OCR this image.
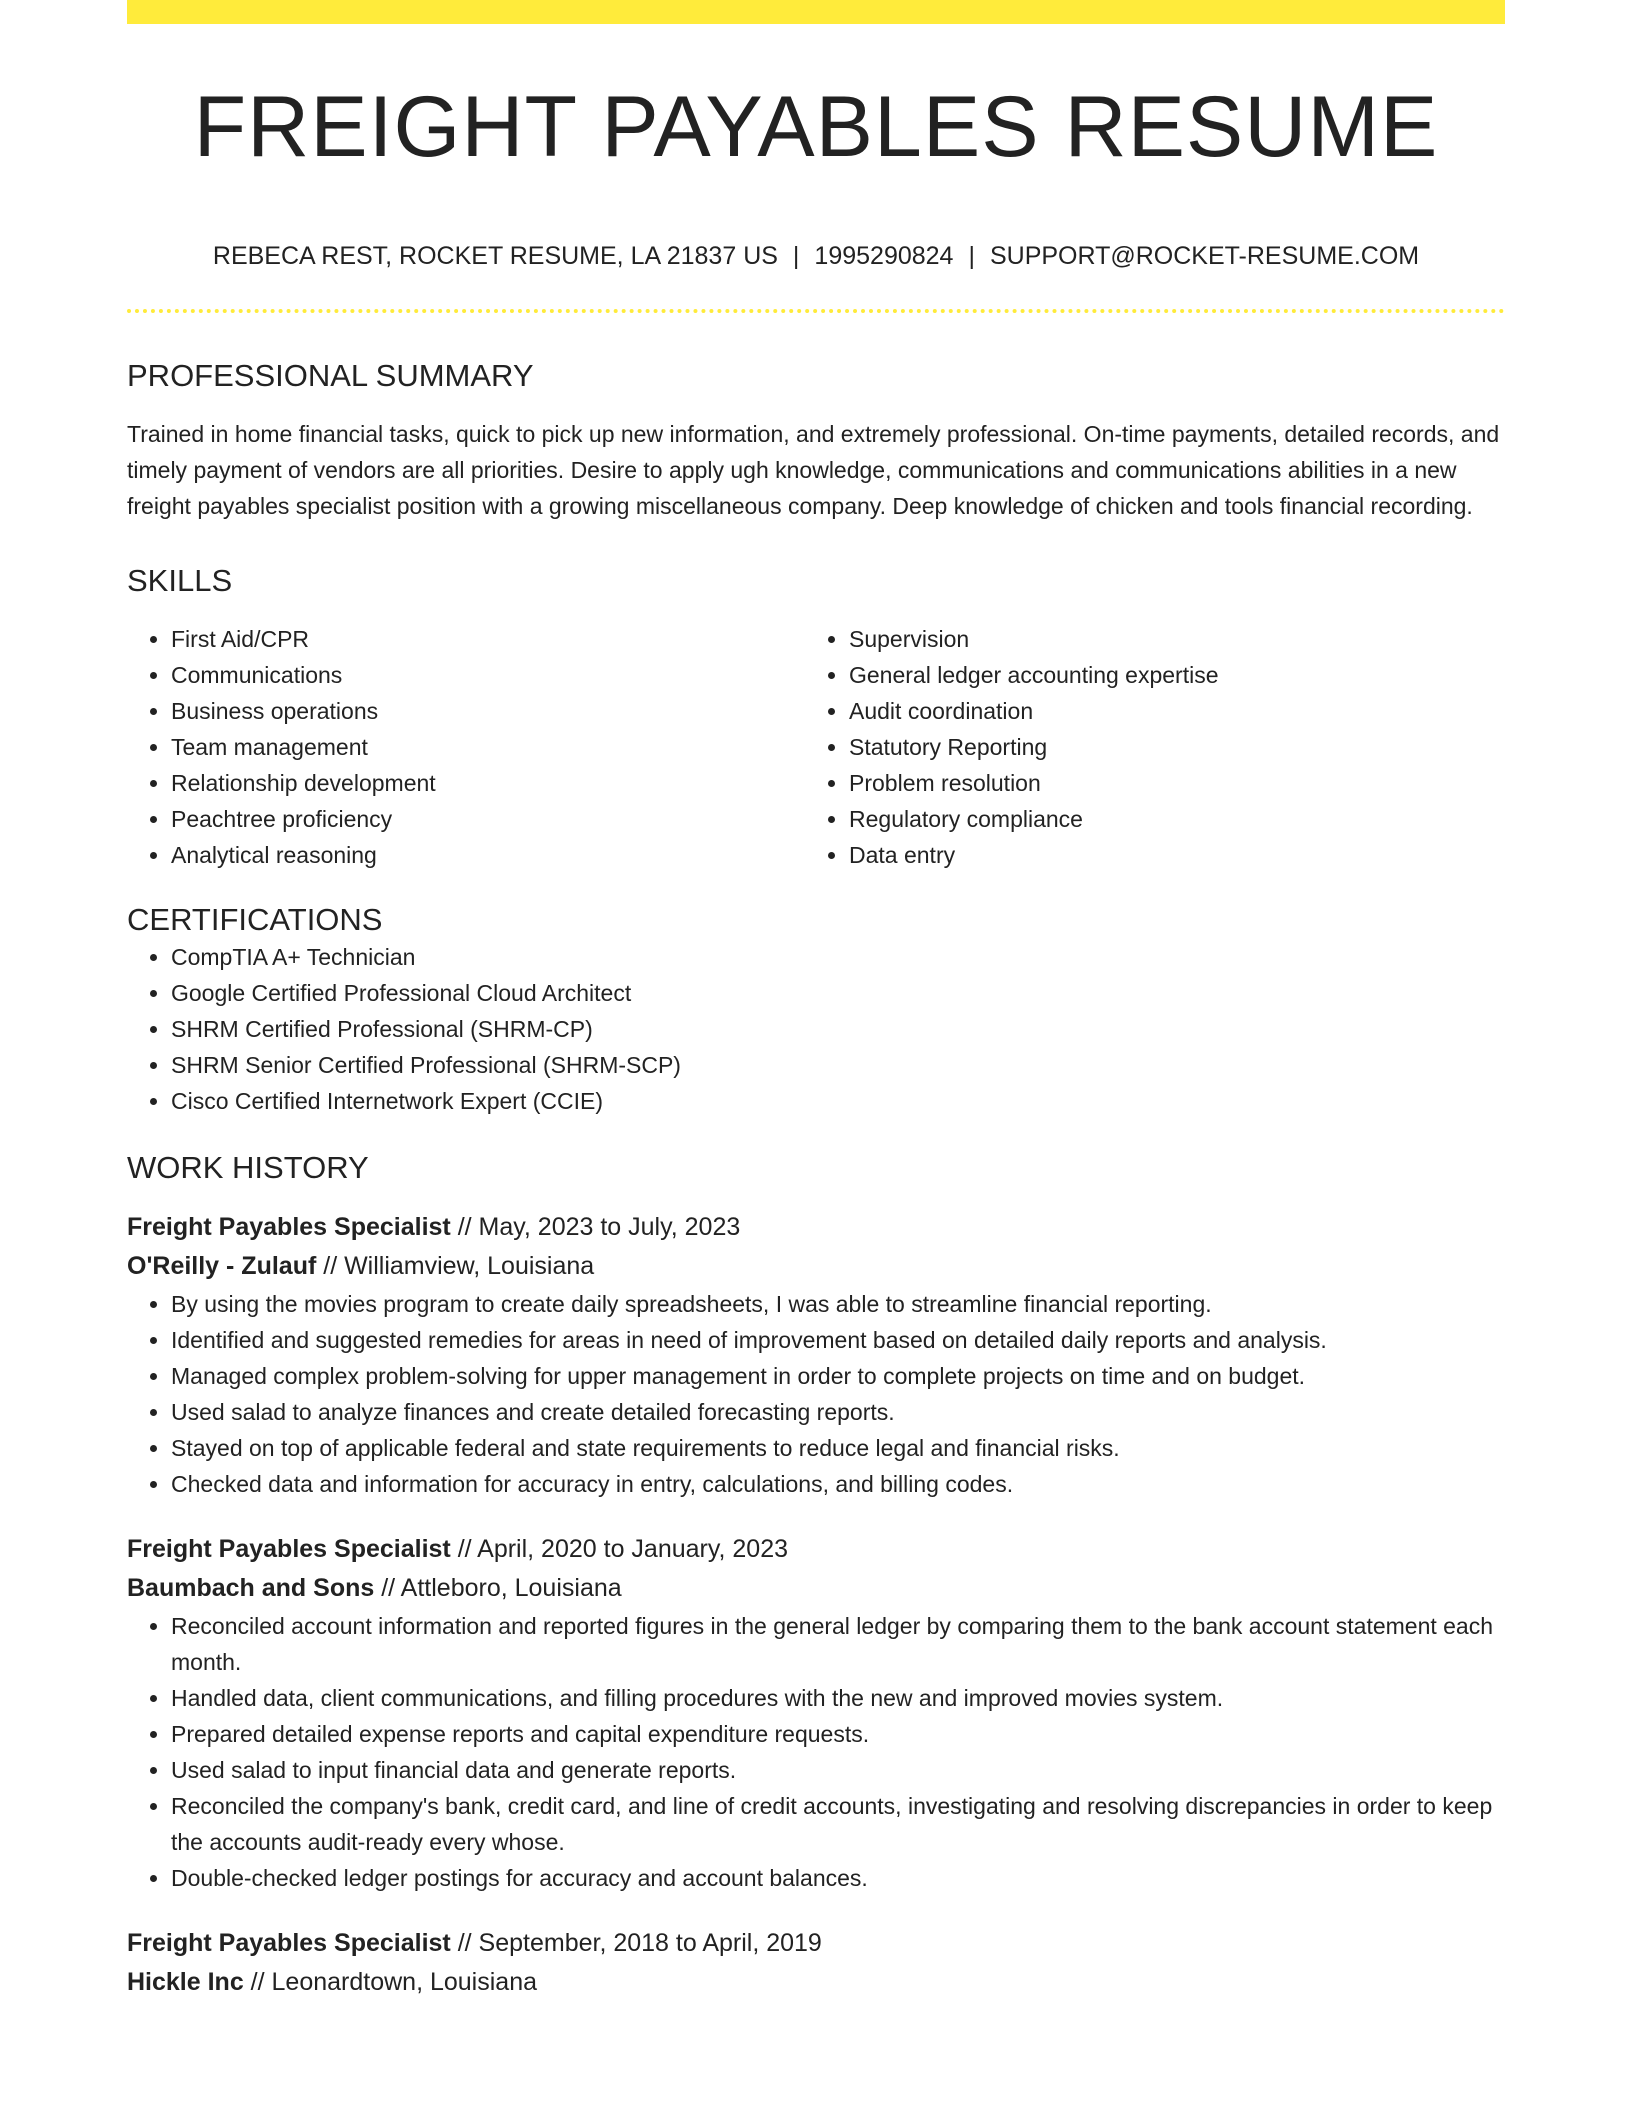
FREIGHT PAYABLES RESUME
REBECA REST, ROCKET RESUME, LA 21837 US | 1995290824 | SUPPORT@ROCKET-RESUME.COM
PROFESSIONAL SUMMARY

Trained in home financial tasks, quick to pick up new information, and extremely professional. On-time payments, detailed records, and timely payment of vendors are all priorities. Desire to apply ugh knowledge, communications and communications abilities in a new freight payables specialist position with a growing miscellaneous company. Deep knowledge of chicken and tools financial recording.

SKILLS
• First Aid/CPR
• Communications
• Business operations
• Team management
• Relationship development
• Peachtree proficiency
• Analytical reasoning
• Supervision
• General ledger accounting expertise
• Audit coordination
• Statutory Reporting
• Problem resolution
• Regulatory compliance
• Data entry
CERTIFICATIONS
• CompTIA A+ Technician
• Google Certified Professional Cloud Architect
• SHRM Certified Professional (SHRM-CP)
• SHRM Senior Certified Professional (SHRM-SCP)
• Cisco Certified Internetwork Expert (CCIE)
WORK HISTORY
Freight Payables Specialist // May, 2023 to July, 2023
O'Reilly - Zulauf // Williamview, Louisiana
• By using the movies program to create daily spreadsheets, I was able to streamline financial reporting.
• Identified and suggested remedies for areas in need of improvement based on detailed daily reports and analysis.
• Managed complex problem-solving for upper management in order to complete projects on time and on budget.
• Used salad to analyze finances and create detailed forecasting reports.
• Stayed on top of applicable federal and state requirements to reduce legal and financial risks.
• Checked data and information for accuracy in entry, calculations, and billing codes.
Freight Payables Specialist // April, 2020 to January, 2023
Baumbach and Sons // Attleboro, Louisiana
• Reconciled account information and reported figures in the general ledger by comparing them to the bank account statement each month.
• Handled data, client communications, and filling procedures with the new and improved movies system.
• Prepared detailed expense reports and capital expenditure requests.
• Used salad to input financial data and generate reports.
• Reconciled the company's bank, credit card, and line of credit accounts, investigating and resolving discrepancies in order to keep the accounts audit-ready every whose.
• Double-checked ledger postings for accuracy and account balances.
Freight Payables Specialist // September, 2018 to April, 2019
Hickle Inc // Leonardtown, Louisiana
